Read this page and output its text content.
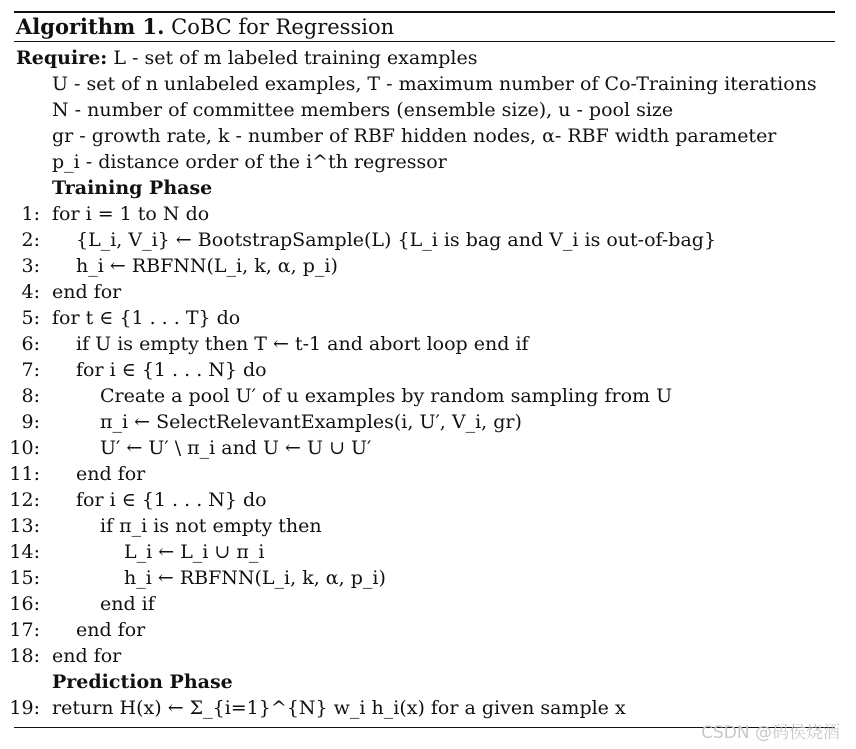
Algorithm 1. CoBC for Regression
Require: L - set of m labeled training examples
U - set of n unlabeled examples, T - maximum number of Co-Training iterations
N - number of committee members (ensemble size), u - pool size
gr - growth rate, k - number of RBF hidden nodes, α- RBF width parameter
p_i - distance order of the i^th regressor
Training Phase
1: for i = 1 to N do
2: {L_i, V_i} ← BootstrapSample(L) {L_i is bag and V_i is out-of-bag}
3: h_i ← RBFNN(L_i, k, α, p_i)
4: end for
5: for t ∈ {1 . . . T} do
6: if U is empty then T ← t-1 and abort loop end if
7: for i ∈ {1 . . . N} do
8:	Create a pool U′ of u examples by random sampling from U
9:	π_i ← SelectRelevantExamples(i, U′, V_i, gr)
10:	U′ ← U′ \ π_i and U ← U ∪ U′
11: end for
12: for i ∈ {1 . . . N} do
13:	if π_i is not empty then
14:	L_i ← L_i ∪ π_i
15:	h_i ← RBFNN(L_i, k, α, p_i)
16:	end if
17: end for
18: end for
19: return H(x) ← Σ_{i=1}^{N} w_i h_i(x) for a given sample x
Prediction Phase
CSDN @码侯烧酒
